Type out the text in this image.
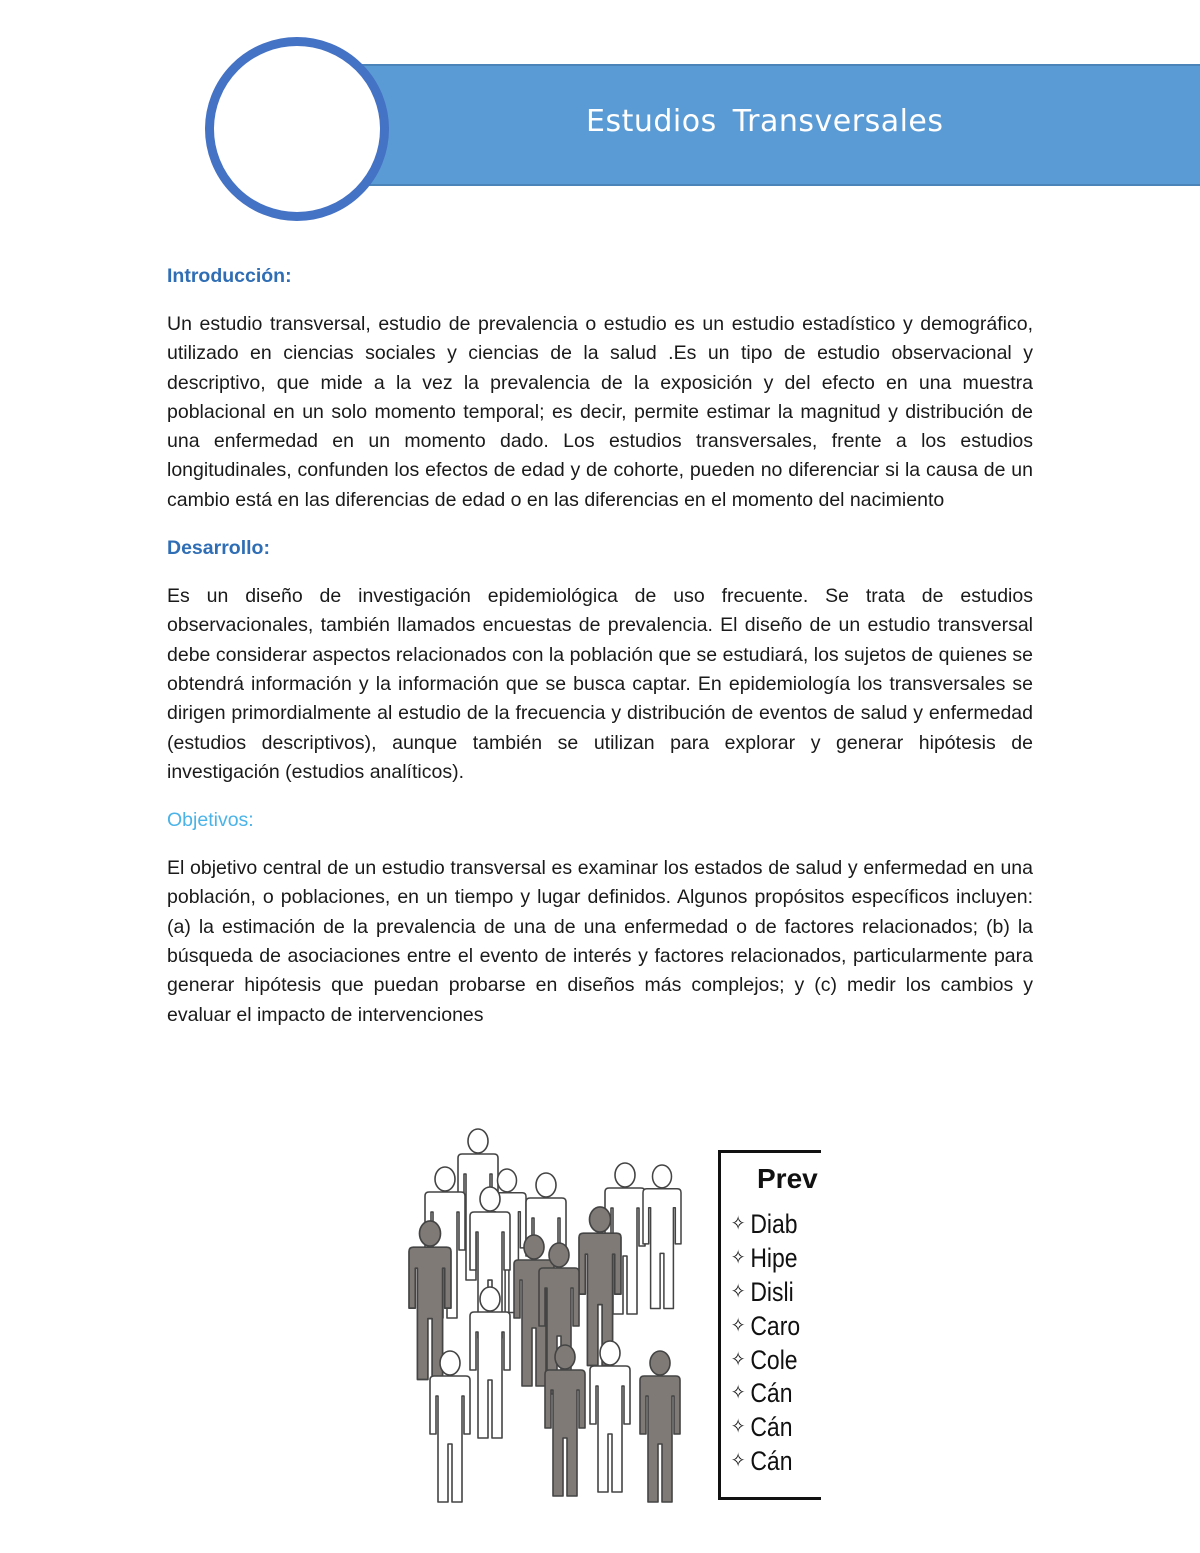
Estudios Transversales

Introducción:

Un estudio transversal, estudio de prevalencia o estudio es un estudio estadístico y demográfico, utilizado en ciencias sociales y ciencias de la salud .Es un tipo de estudio observacional y descriptivo, que mide a la vez la prevalencia de la exposición y del efecto en una muestra poblacional en un solo momento temporal; es decir, permite estimar la magnitud y distribución de una enfermedad en un momento dado. Los estudios transversales, frente a los estudios longitudinales, confunden los efectos de edad y de cohorte, pueden no diferenciar si la causa de un cambio está en las diferencias de edad o en las diferencias en el momento del nacimiento

Desarrollo:

Es un diseño de investigación epidemiológica de uso frecuente. Se trata de estudios observacionales, también llamados encuestas de prevalencia. El diseño de un estudio transversal debe considerar aspectos relacionados con la población que se estudiará, los sujetos de quienes se obtendrá información y la información que se busca captar. En epidemiología los transversales se dirigen primordialmente al estudio de la frecuencia y distribución de eventos de salud y enfermedad (estudios descriptivos), aunque también se utilizan para explorar y generar hipótesis de investigación (estudios analíticos).

Objetivos:

El objetivo central de un estudio transversal es examinar los estados de salud y enfermedad en una población, o poblaciones, en un tiempo y lugar definidos. Algunos propósitos específicos incluyen: (a) la estimación de la prevalencia de una de una enfermedad o de factores relacionados; (b) la búsqueda de asociaciones entre el evento de interés y factores relacionados, particularmente para generar hipótesis que puedan probarse en diseños más complejos; y (c) medir los cambios y evaluar el impacto de intervenciones

Prev
✧ Diab
✧ Hipe
✧ Disli
✧ Caro
✧ Cole
✧ Cán
✧ Cán
✧ Cán
